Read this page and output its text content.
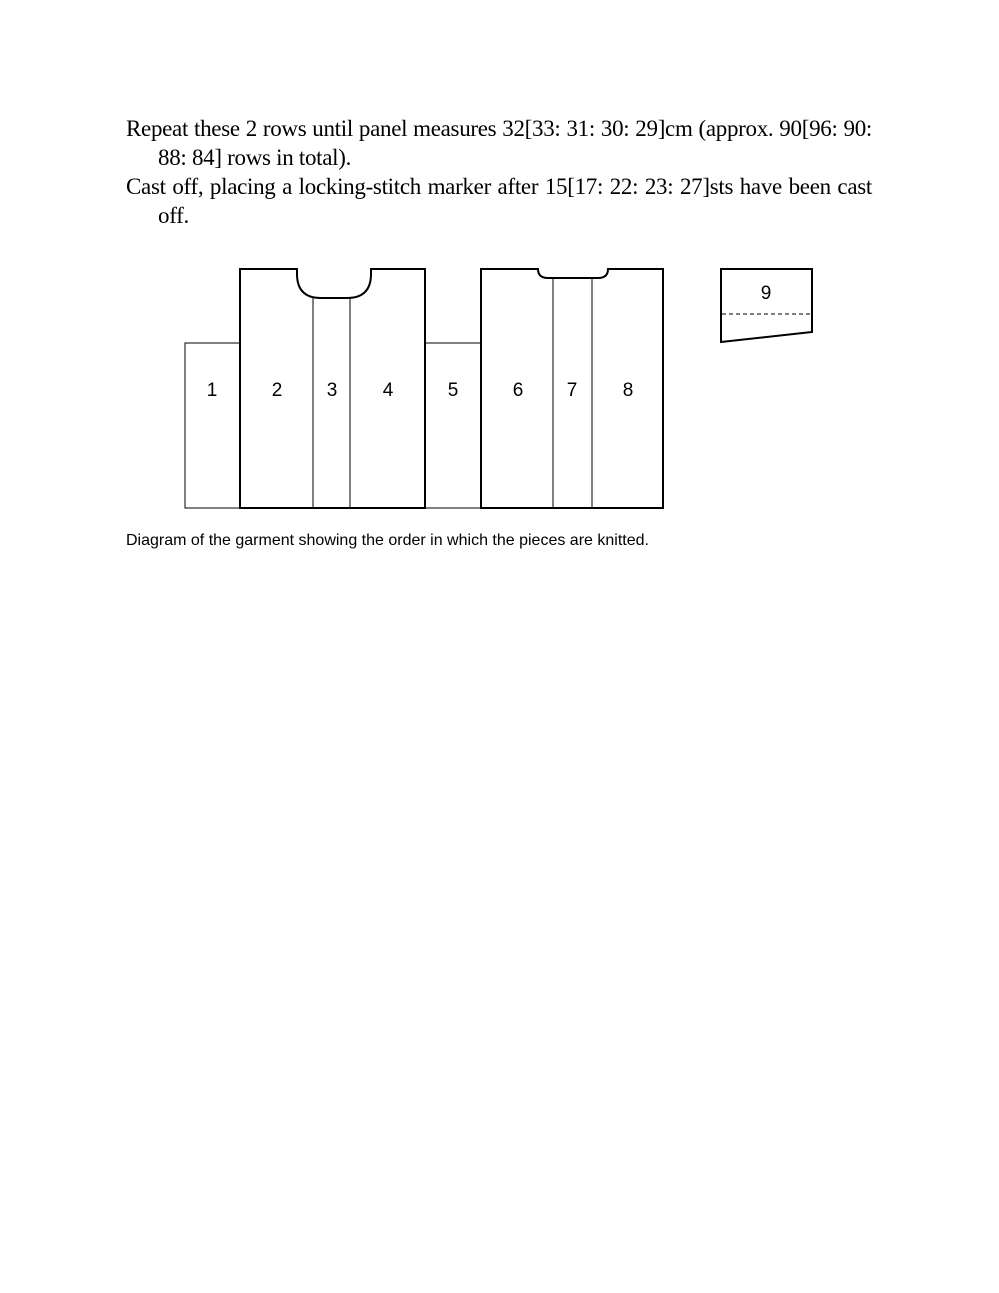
Repeat these 2 rows until panel measures 32[33: 31: 30: 29]cm (approx. 90[96: 90: 88: 84] rows in total).

Cast off, placing a locking-stitch marker after 15[17: 22: 23: 27]sts have been cast off.

1	2 3 4	5	6 7 8
9
Diagram of the garment showing the order in which the pieces are knitted.
